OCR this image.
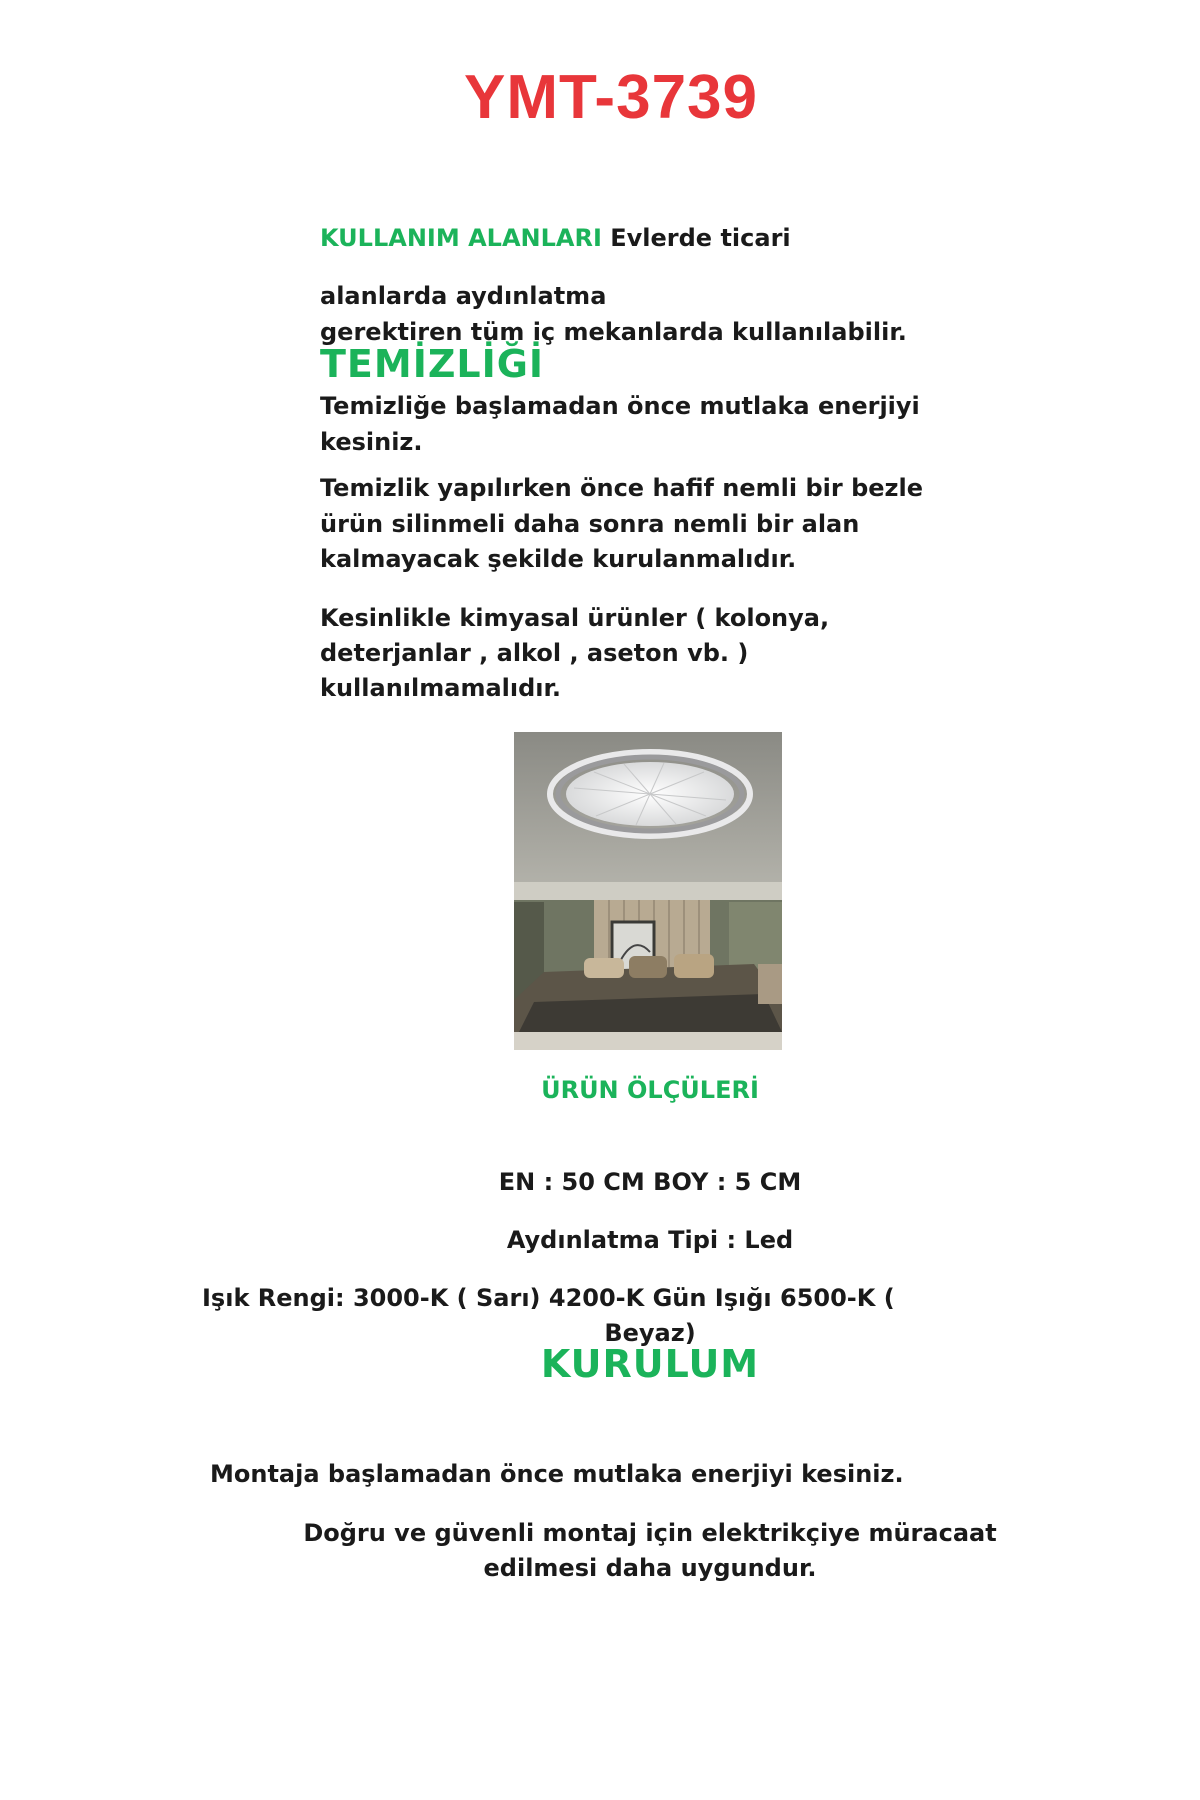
YMT-3739
KULLANIM ALANLARI Evlerde ticari
alanlarda aydınlatma
gerektiren tüm iç mekanlarda kullanılabilir.
TEMİZLİĞİ
Temizliğe başlamadan önce mutlaka enerjiyi
kesiniz.
Temizlik yapılırken önce hafif nemli bir bezle
ürün silinmeli daha sonra nemli bir alan
kalmayacak şekilde kurulanmalıdır.
Kesinlikle kimyasal ürünler ( kolonya,
deterjanlar , alkol , aseton vb. )
kullanılmamalıdır.
ÜRÜN ÖLÇÜLERİ
EN : 50 CM BOY : 5 CM
Aydınlatma Tipi : Led
Işık Rengi: 3000-K ( Sarı) 4200-K Gün Işığı 6500-K (
Beyaz)
KURULUM
Montaja başlamadan önce mutlaka enerjiyi kesiniz.
Doğru ve güvenli montaj için elektrikçiye müracaat
edilmesi daha uygundur.
